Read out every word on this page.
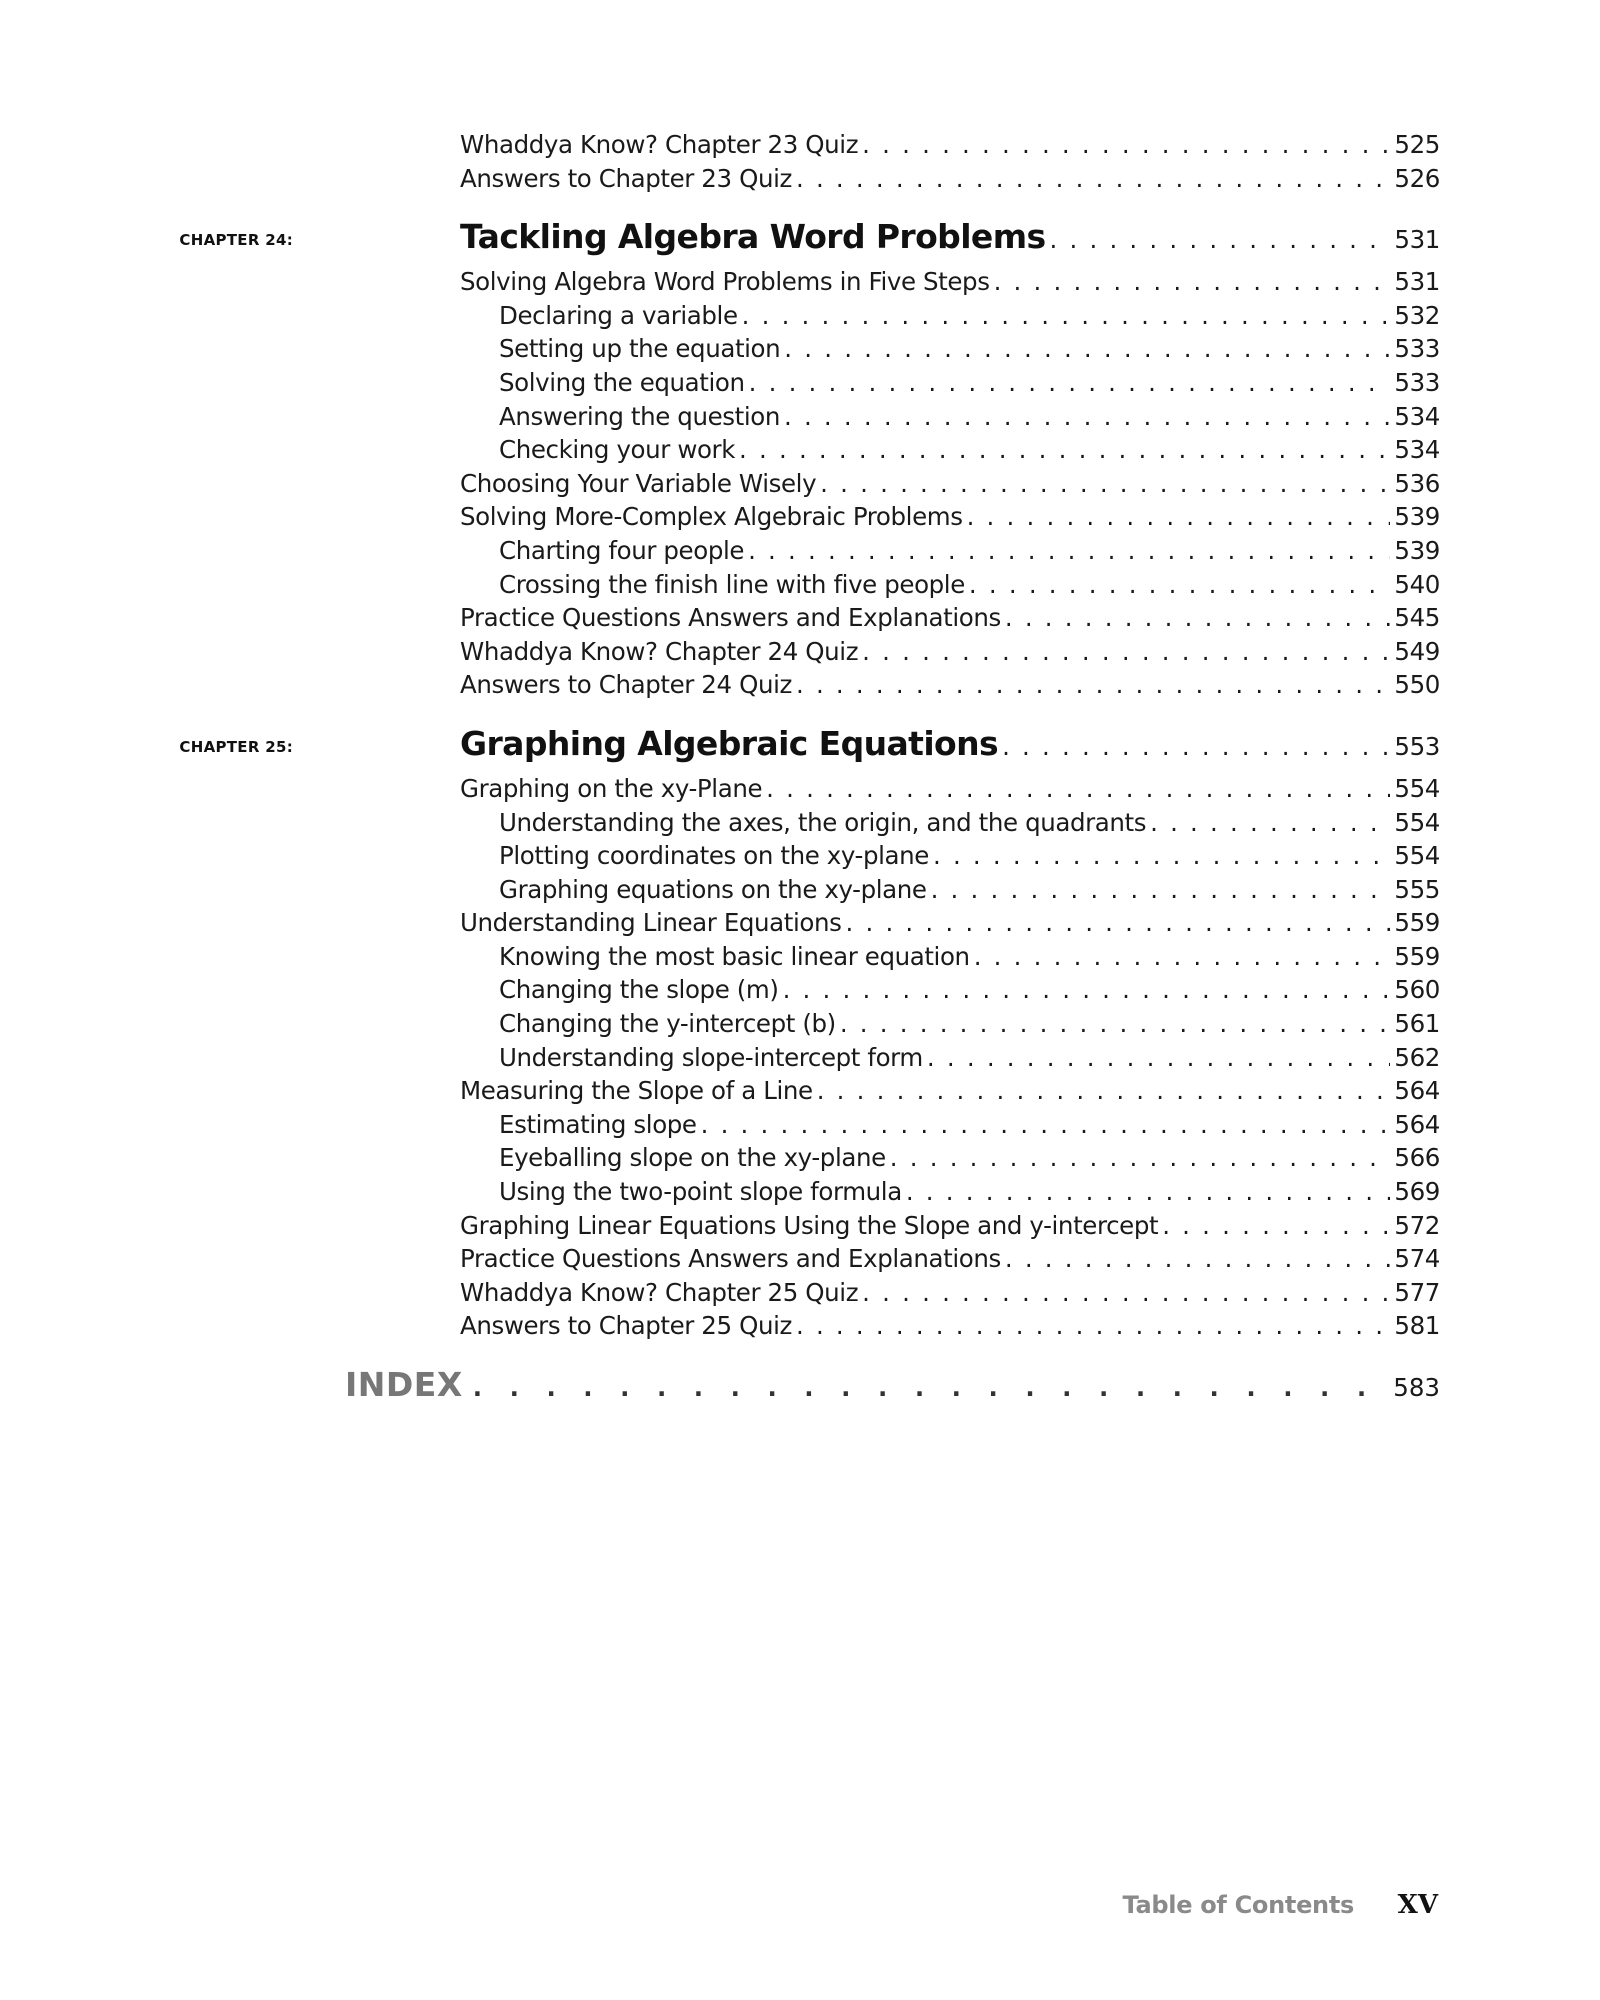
Whaddya Know? Chapter 23 Quiz . . .	525
Answers to Chapter 23 Quiz . . .	526
CHAPTER 24:	Tackling Algebra Word Problems . . .	531
Solving Algebra Word Problems in Five Steps . . .	531
Declaring a variable . . .	532
Setting up the equation . . .	533
Solving the equation . . .	533
Answering the question . . .	534
Checking your work . . .	534
Choosing Your Variable Wisely . . .	536
Solving More-Complex Algebraic Problems . . .	539
Charting four people . . .	539
Crossing the finish line with five people . . .	540
Practice Questions Answers and Explanations . . .	545
Whaddya Know? Chapter 24 Quiz . . .	549
Answers to Chapter 24 Quiz . . .	550
CHAPTER 25:	Graphing Algebraic Equations . . .	553
Graphing on the xy-Plane . . .	554
Understanding the axes, the origin, and the quadrants . . .	554
Plotting coordinates on the xy-plane . . .	554
Graphing equations on the xy-plane . . .	555
Understanding Linear Equations . . .	559
Knowing the most basic linear equation . . .	559
Changing the slope (m) . . .	560
Changing the y-intercept (b) . . .	561
Understanding slope-intercept form . . .	562
Measuring the Slope of a Line . . .	564
Estimating slope . . .	564
Eyeballing slope on the xy-plane . . .	566
Using the two-point slope formula . . .	569
Graphing Linear Equations Using the Slope and y-intercept . . .	572
Practice Questions Answers and Explanations . . .	574
Whaddya Know? Chapter 25 Quiz . . .	577
Answers to Chapter 25 Quiz . . .	581
INDEX . . .	583
Table of Contents XV
